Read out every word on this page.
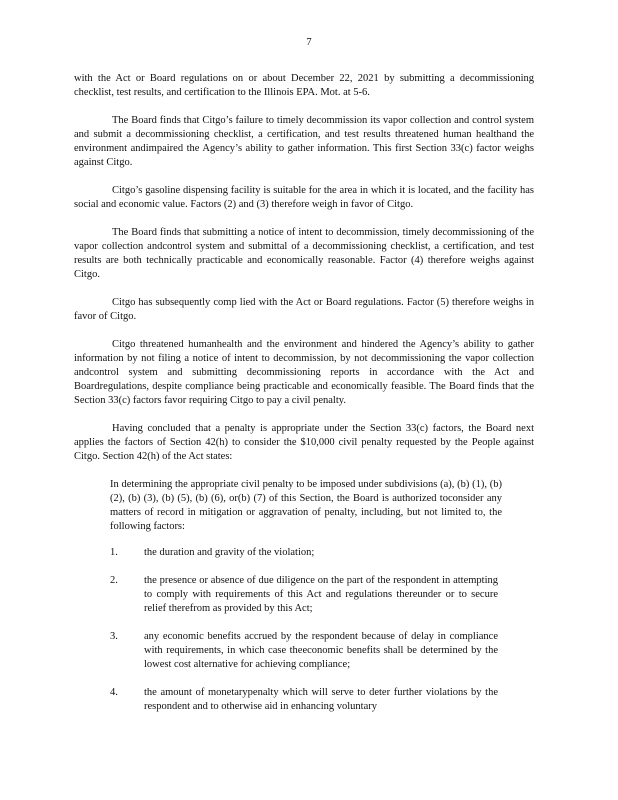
7

with the Act or Board regulations on or about December 22, 2021 by submitting a decommissioning checklist, test results, and certification to the Illinois EPA. Mot. at 5-6.

The Board finds that Citgo’s failure to timely decommission its vapor collection and control system and submit a decommissioning checklist, a certification, and test results threatened human healthand the environment andimpaired the Agency’s ability to gather information. This first Section 33(c) factor weighs against Citgo.

Citgo’s gasoline dispensing facility is suitable for the area in which it is located, and the facility has social and economic value. Factors (2) and (3) therefore weigh in favor of Citgo.

The Board finds that submitting a notice of intent to decommission, timely decommissioning of the vapor collection andcontrol system and submittal of a decommissioning checklist, a certification, and test results are both technically practicable and economically reasonable. Factor (4) therefore weighs against Citgo.

Citgo has subsequently comp lied with the Act or Board regulations. Factor (5) therefore weighs in favor of Citgo.

Citgo threatened humanhealth and the environment and hindered the Agency’s ability to gather information by not filing a notice of intent to decommission, by not decommissioning the vapor collection andcontrol system and submitting decommissioning reports in accordance with the Act and Boardregulations, despite compliance being practicable and economically feasible. The Board finds that the Section 33(c) factors favor requiring Citgo to pay a civil penalty.

Having concluded that a penalty is appropriate under the Section 33(c) factors, the Board next applies the factors of Section 42(h) to consider the $10,000 civil penalty requested by the People against Citgo. Section 42(h) of the Act states:

In determining the appropriate civil penalty to be imposed under subdivisions (a), (b) (1), (b) (2), (b) (3), (b) (5), (b) (6), or(b) (7) of this Section, the Board is authorized toconsider any matters of record in mitigation or aggravation of penalty, including, but not limited to, the following factors:

1.	the duration and gravity of the violation;

2.	the presence or absence of due diligence on the part of the respondent in attempting to comply with requirements of this Act and regulations thereunder or to secure relief therefrom as provided by this Act;

3.	any economic benefits accrued by the respondent because of delay in compliance with requirements, in which case theeconomic benefits shall be determined by the lowest cost alternative for achieving compliance;

4.	the amount of monetarypenalty which will serve to deter further violations by the respondent and to otherwise aid in enhancing voluntary
